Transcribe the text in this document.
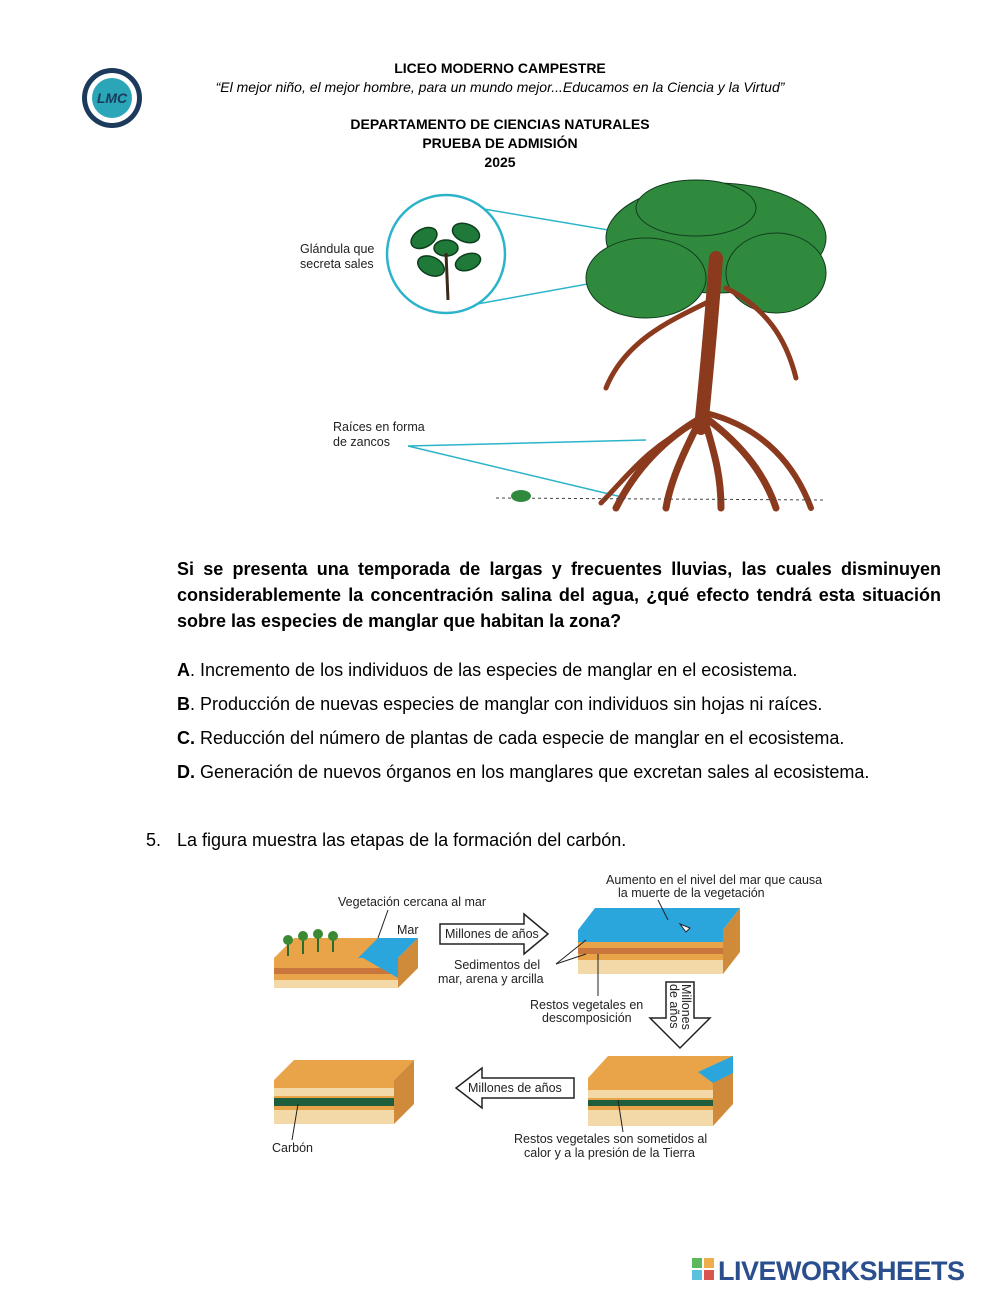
LMC
LICEO MODERNO CAMPESTRE
“El mejor niño, el mejor hombre, para un mundo mejor...Educamos en la Ciencia y la Virtud”
DEPARTAMENTO DE CIENCIAS NATURALES
PRUEBA DE ADMISIÓN
2025
Glándula que
secreta sales
Raíces en forma
de zancos
Si se presenta una temporada de largas y frecuentes lluvias, las cuales disminuyen considerablemente la concentración salina del agua, ¿qué efecto tendrá esta situación sobre las especies de manglar que habitan la zona?
A. Incremento de los individuos de las especies de manglar en el ecosistema.
B. Producción de nuevas especies de manglar con individuos sin hojas ni raíces.
C. Reducción del número de plantas de cada especie de manglar en el ecosistema.
D. Generación de nuevos órganos en los manglares que excretan sales al ecosistema.
5. La figura muestra las etapas de la formación del carbón.
Vegetación cercana al mar
Mar Millones de años
Aumento en el nivel del mar que causa
la muerte de la vegetación
Sedimentos del
mar, arena y arcilla
Restos vegetales en
descomposición	Millones
de años
Restos vegetales son sometidos al
calor y a la presión de la Tierra
Millones de años
Carbón
LIVEWORKSHEETS
